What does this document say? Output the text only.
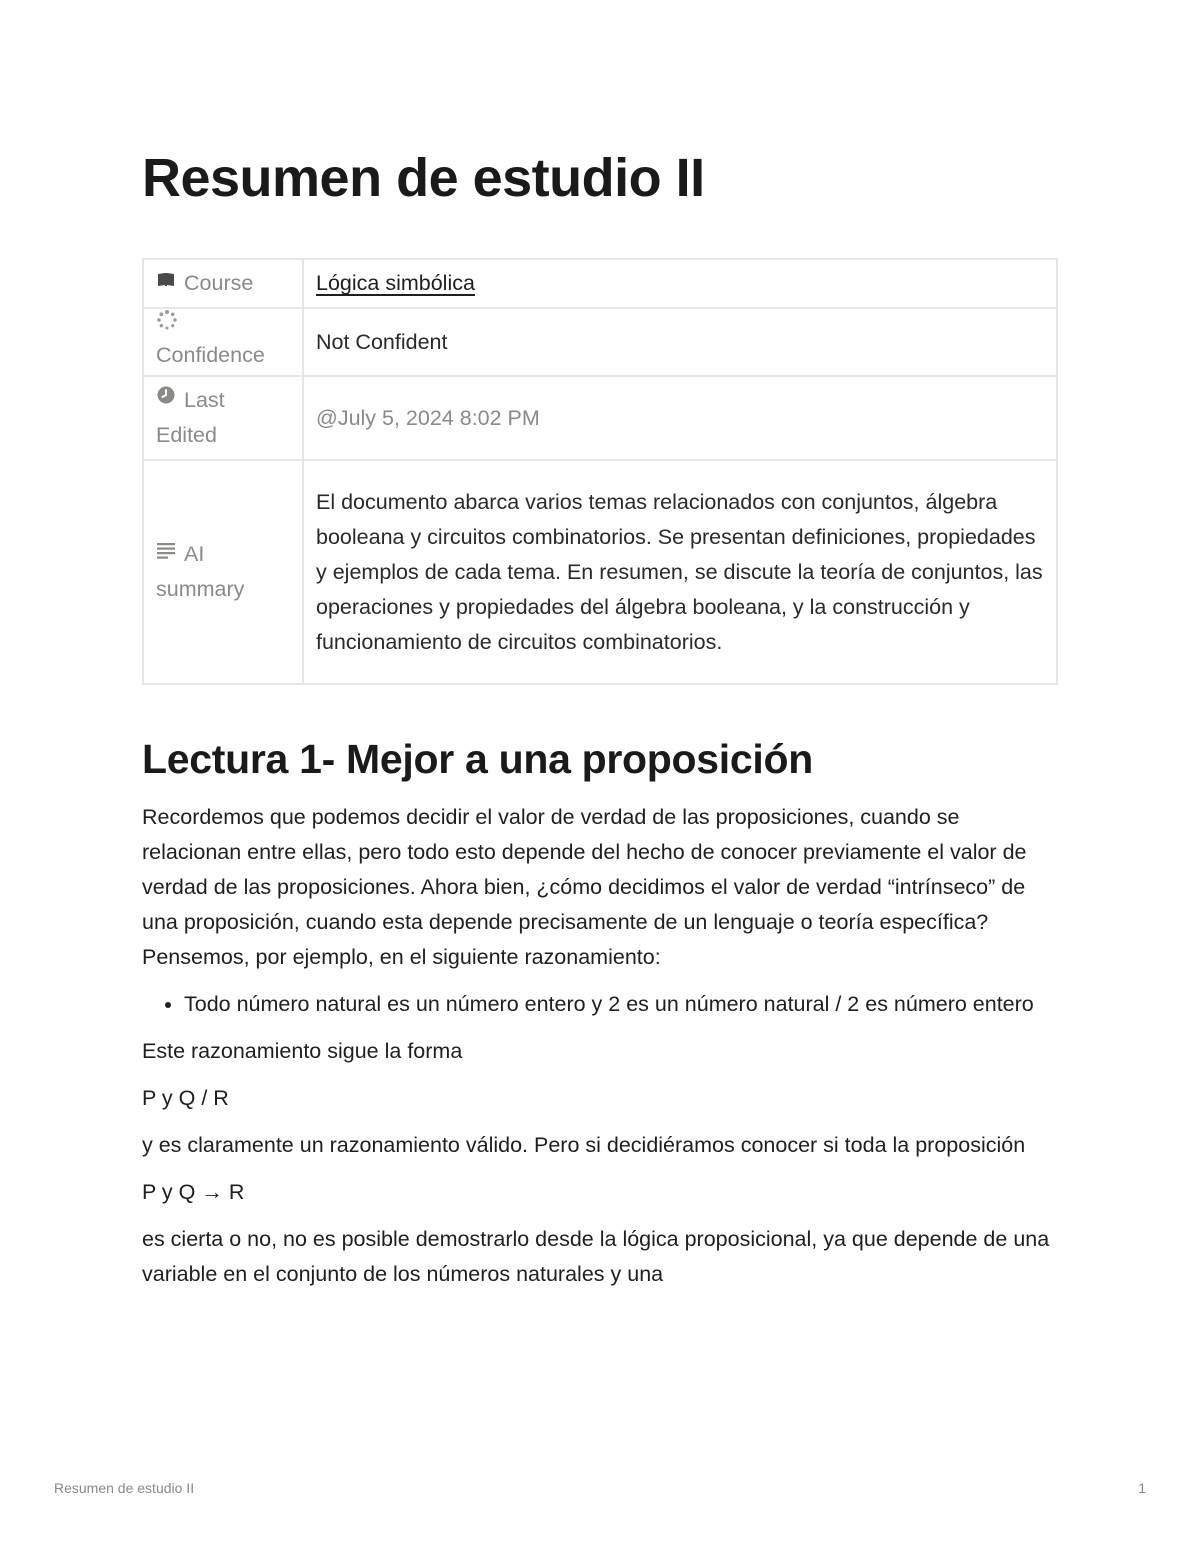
Resumen de estudio II
Course	Lógica simbólica

Confidence	Not Confident

Last
Edited	@July 5, 2024 8:02 PM

AI
summary	El documento abarca varios temas relacionados con conjuntos, álgebra booleana y circuitos combinatorios. Se presentan definiciones, propiedades y ejemplos de cada tema. En resumen, se discute la teoría de conjuntos, las operaciones y propiedades del álgebra booleana, y la construcción y funcionamiento de circuitos combinatorios.
Lectura 1- Mejor a una proposición

Recordemos que podemos decidir el valor de verdad de las proposiciones, cuando se relacionan entre ellas, pero todo esto depende del hecho de conocer previamente el valor de verdad de las proposiciones. Ahora bien, ¿cómo decidimos el valor de verdad “intrínseco” de una proposición, cuando esta depende precisamente de un lenguaje o teoría específica? Pensemos, por ejemplo, en el siguiente razonamiento:

• Todo número natural es un número entero y 2 es un número natural / 2 es número entero

Este razonamiento sigue la forma

P y Q / R

y es claramente un razonamiento válido. Pero si decidiéramos conocer si toda la proposición

P y Q → R

es cierta o no, no es posible demostrarlo desde la lógica proposicional, ya que depende de una variable en el conjunto de los números naturales y una

Resumen de estudio II	1
